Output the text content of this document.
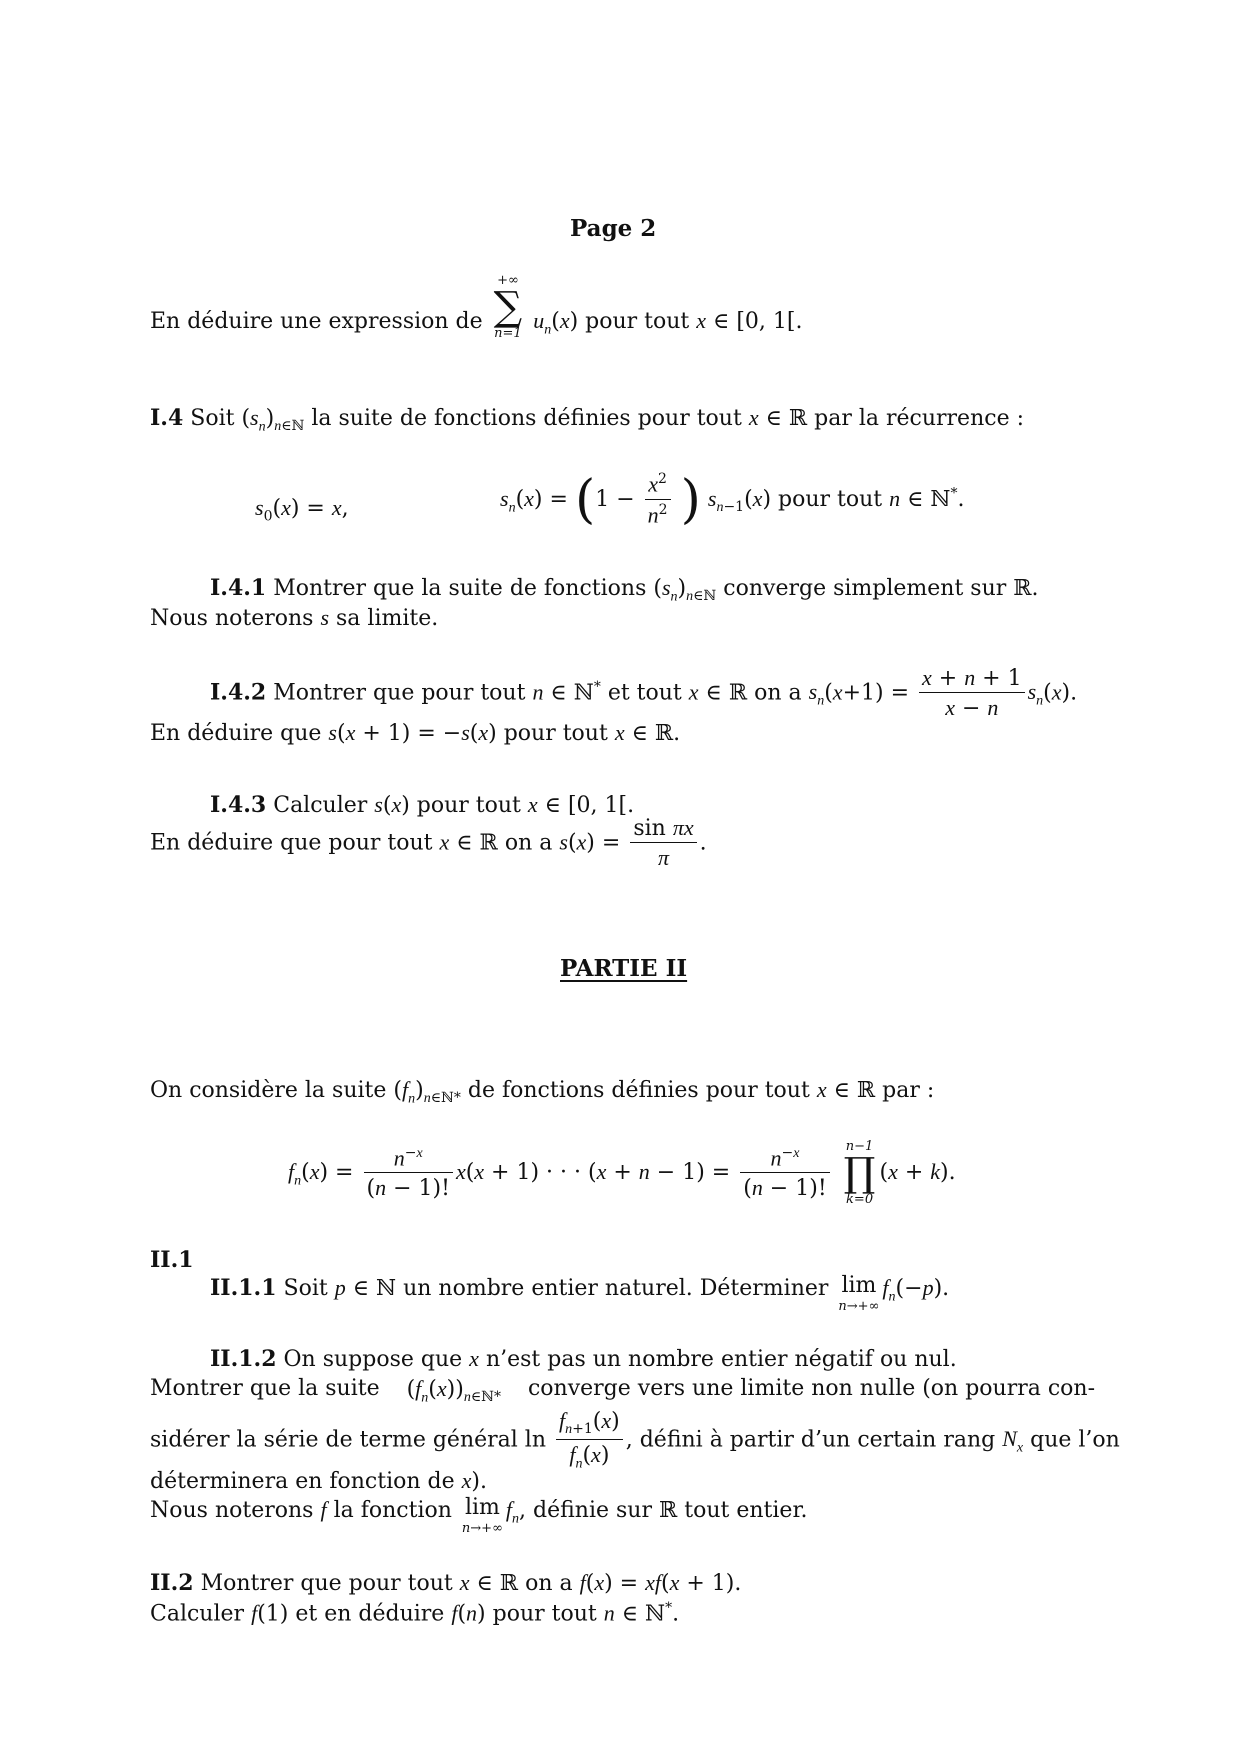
Page 2
En déduire une expression de
+∞
∑
n=1
$u_n(x)$ pour tout x ∈ [0, 1[.
I.4 Soit $(s_n)_{n\in ℕ}$ la suite de fonctions définies pour tout x ∈ ℝ par la récurrence :
$s_0(x) = x$,	$s_n(x) = (1 - \frac{x^2}{n^2}$ ) $s_{n-1}(x)$ pour tout n ∈ ℕ*.
I.4.1 Montrer que la suite de fonctions $(s_n)_{n\in ℕ}$ converge simplement sur ℝ.
Nous noterons s sa limite.
I.4.2 Montrer que pour tout n ∈ ℕ* et tout x ∈ ℝ on a $s_n(x+1) = \frac{x + n + 1}{x - n} s_n(x)$.
En déduire que s(x + 1) = −s(x) pour tout x ∈ ℝ.
I.4.3 Calculer s(x) pour tout x ∈ [0, 1[.
En déduire que pour tout x ∈ ℝ on a $s(x) = \frac{\text{sin πx}}{\pi}$ .
PARTIE II
On considère la suite $(f_n)_{n\in ℕ*}$ de fonctions définies pour tout x ∈ ℝ par :
$f_n(x) = \frac{n^{-x}}{(n - 1)!} x(x + 1)$ · · · $(x + n - 1) = \frac{n^{-x}}{(n - 1)!}$
n−1
∏
k=0
(x + k).
II.1
II.1.1 Soit p ∈ ℕ un nombre entier naturel. Déterminer lim
n→+∞
$f_n(-p)$.
II.1.2 On suppose que x n’est pas un nombre entier négatif ou nul.
Montrer que la suite $(f_n(x))_{n\in ℕ*}$ converge vers une limite non nulle (on pourra con-
sidérer la série de terme général $\ln \frac{f_{n+1}(x)}{f_n(x)}$ , défini à partir d’un certain rang $N_x$ que l’on
déterminera en fonction de x).
Nous noterons f la fonction lim
n→+∞
$f_n$, définie sur ℝ tout entier.
II.2 Montrer que pour tout x ∈ ℝ on a f(x) = xf(x + 1).
Calculer f(1) et en déduire f(n) pour tout n ∈ ℕ*.
